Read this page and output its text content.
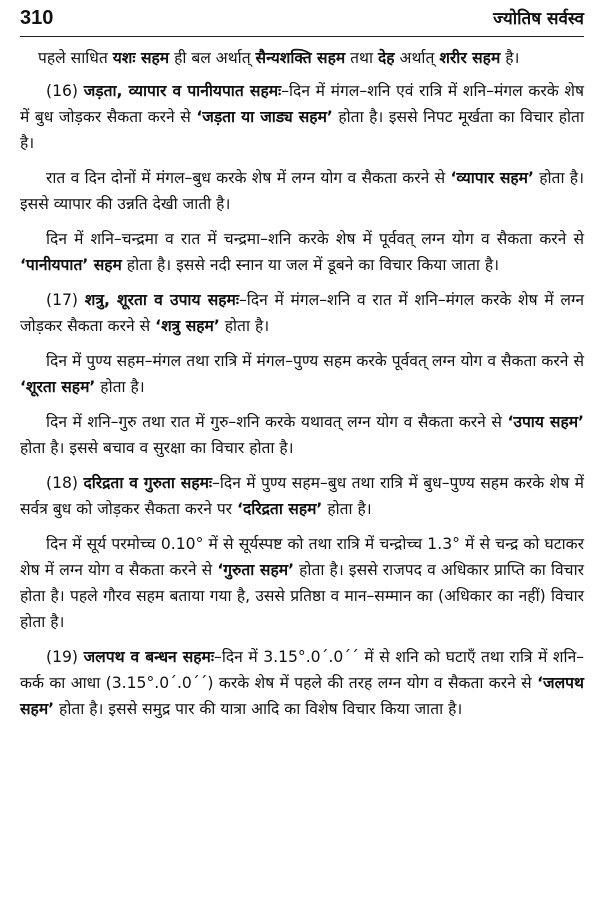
310	ज्योतिष सर्वस्व

पहले साधित यशः सहम ही बल अर्थात् सैन्यशक्ति सहम तथा देह अर्थात् शरीर सहम है।

(16) जड़ता, व्यापार व पानीयपात सहमः–दिन में मंगल–शनि एवं रात्रि में शनि–मंगल करके शेष में बुध जोड़कर सैकता करने से ‘जड़ता या जाड्य सहम’ होता है। इससे निपट मूर्खता का विचार होता है।

रात व दिन दोनों में मंगल–बुध करके शेष में लग्न योग व सैकता करने से ‘व्यापार सहम’ होता है। इससे व्यापार की उन्नति देखी जाती है।

दिन में शनि–चन्द्रमा व रात में चन्द्रमा–शनि करके शेष में पूर्ववत् लग्न योग व सैकता करने से ‘पानीयपात’ सहम होता है। इससे नदी स्नान या जल में डूबने का विचार किया जाता है।

(17) शत्रु, शूरता व उपाय सहमः–दिन में मंगल–शनि व रात में शनि–मंगल करके शेष में लग्न जोड़कर सैकता करने से ‘शत्रु सहम’ होता है।

दिन में पुण्य सहम–मंगल तथा रात्रि में मंगल–पुण्य सहम करके पूर्ववत् लग्न योग व सैकता करने से ‘शूरता सहम’ होता है।

दिन में शनि–गुरु तथा रात में गुरु–शनि करके यथावत् लग्न योग व सैकता करने से ‘उपाय सहम’ होता है। इससे बचाव व सुरक्षा का विचार होता है।

(18) दरिद्रता व गुरुता सहमः–दिन में पुण्य सहम–बुध तथा रात्रि में बुध–पुण्य सहम करके शेष में सर्वत्र बुध को जोड़कर सैकता करने पर ‘दरिद्रता सहम’ होता है।

दिन में सूर्य परमोच्च 0.10° में से सूर्यस्पष्ट को तथा रात्रि में चन्द्रोच्च 1.3° में से चन्द्र को घटाकर शेष में लग्न योग व सैकता करने से ‘गुरुता सहम’ होता है। इससे राजपद व अधिकार प्राप्ति का विचार होता है। पहले गौरव सहम बताया गया है, उससे प्रतिष्ठा व मान–सम्मान का (अधिकार का नहीं) विचार होता है।

(19) जलपथ व बन्धन सहमः–दिन में 3.15°.0´.0´´ में से शनि को घटाएँ तथा रात्रि में शनि–कर्क का आधा (3.15°.0´.0´´) करके शेष में पहले की तरह लग्न योग व सैकता करने से ‘जलपथ सहम’ होता है। इससे समुद्र पार की यात्रा आदि का विशेष विचार किया जाता है।
